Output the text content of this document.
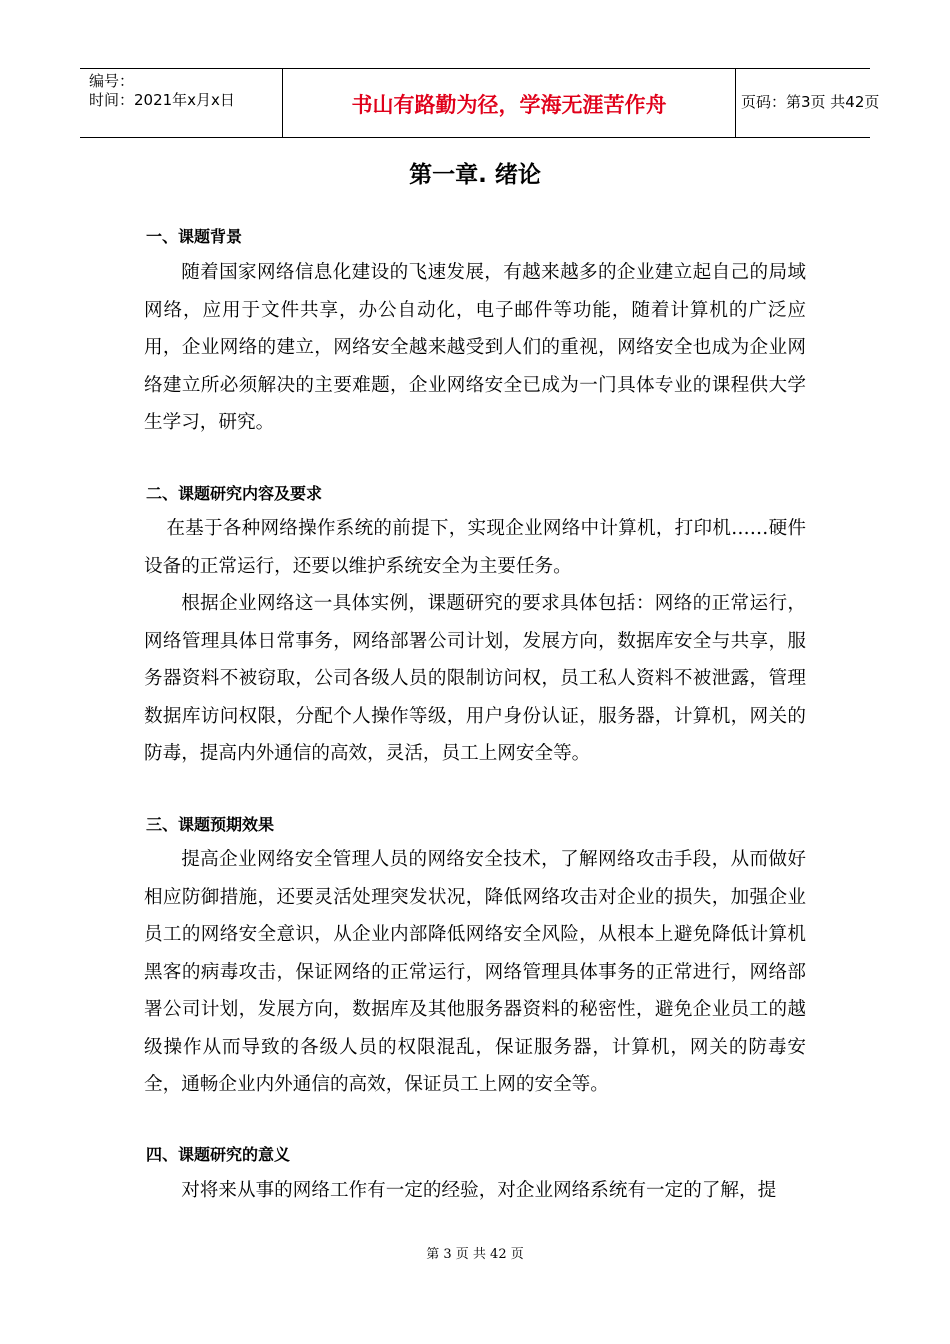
编号：
时间：2021年x月x日	书山有路勤为径，学海无涯苦作舟	页码：第3页 共42页
第一章. 绪论
一、课题背景

随着国家网络信息化建设的飞速发展，有越来越多的企业建立起自己的局域网络，应用于文件共享，办公自动化，电子邮件等功能，随着计算机的广泛应用，企业网络的建立，网络安全越来越受到人们的重视，网络安全也成为企业网络建立所必须解决的主要难题，企业网络安全已成为一门具体专业的课程供大学生学习，研究。

二、课题研究内容及要求

在基于各种网络操作系统的前提下，实现企业网络中计算机，打印机……硬件设备的正常运行，还要以维护系统安全为主要任务。

根据企业网络这一具体实例，课题研究的要求具体包括：网络的正常运行，网络管理具体日常事务，网络部署公司计划，发展方向，数据库安全与共享，服务器资料不被窃取，公司各级人员的限制访问权，员工私人资料不被泄露，管理数据库访问权限，分配个人操作等级，用户身份认证，服务器，计算机，网关的防毒，提高内外通信的高效，灵活，员工上网安全等。

三、课题预期效果

提高企业网络安全管理人员的网络安全技术，了解网络攻击手段，从而做好相应防御措施，还要灵活处理突发状况，降低网络攻击对企业的损失，加强企业员工的网络安全意识，从企业内部降低网络安全风险，从根本上避免降低计算机黑客的病毒攻击，保证网络的正常运行，网络管理具体事务的正常进行，网络部署公司计划，发展方向，数据库及其他服务器资料的秘密性，避免企业员工的越级操作从而导致的各级人员的权限混乱，保证服务器，计算机，网关的防毒安全，通畅企业内外通信的高效，保证员工上网的安全等。

四、课题研究的意义

对将来从事的网络工作有一定的经验，对企业网络系统有一定的了解，提

第 3 页 共 42 页
